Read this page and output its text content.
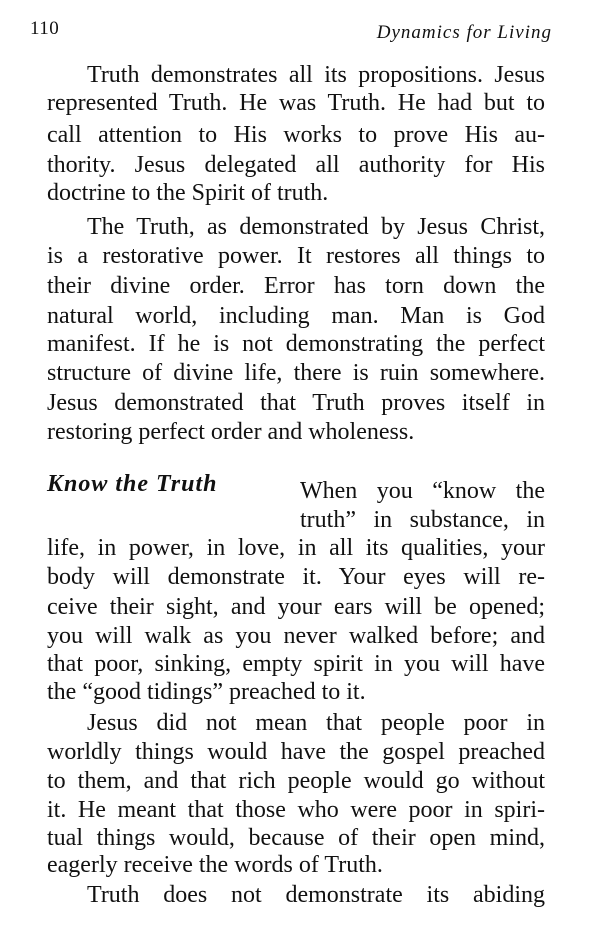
110	Dynamics for Living
Truth demonstrates all its propositions. Jesus
represented Truth. He was Truth. He had but to
call attention to His works to prove His au-
thority. Jesus delegated all authority for His
doctrine to the Spirit of truth.
The Truth, as demonstrated by Jesus Christ,
is a restorative power. It restores all things to
their divine order. Error has torn down the
natural world, including man. Man is God
manifest. If he is not demonstrating the perfect
structure of divine life, there is ruin somewhere.
Jesus demonstrated that Truth proves itself in
restoring perfect order and wholeness.
Know the Truth	When you “know the
truth” in substance, in
life, in power, in love, in all its qualities, your
body will demonstrate it. Your eyes will re-
ceive their sight, and your ears will be opened;
you will walk as you never walked before; and
that poor, sinking, empty spirit in you will have
the “good tidings” preached to it.
Jesus did not mean that people poor in
worldly things would have the gospel preached
to them, and that rich people would go without
it. He meant that those who were poor in spiri-
tual things would, because of their open mind,
eagerly receive the words of Truth.
Truth does not demonstrate its abiding
